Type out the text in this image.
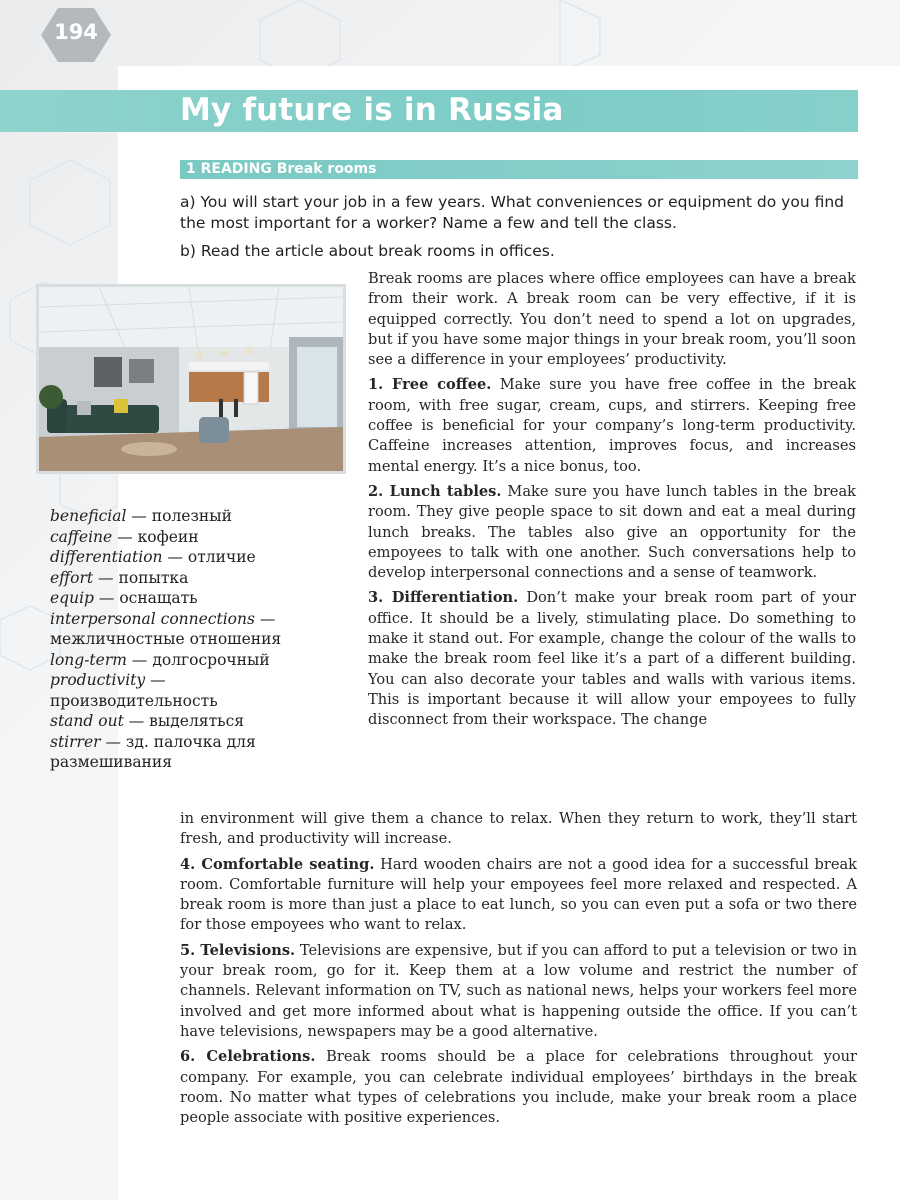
194
My future is in Russia
1 READING Break rooms
a) You will start your job in a few years. What conveniences or equipment do you find the most important for a worker? Name a few and tell the class.
b) Read the article about break rooms in offices.
beneficial — полезный
caffeine — кофеин
differentiation — отличие
effort — попытка
equip — оснащать
interpersonal connections —
межличностные отношения
long-term — долгосрочный
productivity —
производительность
stand out — выделяться
stirrer — зд. палочка для размешивания

Break rooms are places where office employees can have a break from their work. A break room can be very effective, if it is equipped correctly. You don’t need to spend a lot on upgrades, but if you have some major things in your break room, you’ll soon see a difference in your employees’ productivity.

1. Free coffee. Make sure you have free coffee in the break room, with free sugar, cream, cups, and stirrers. Keeping free coffee is beneficial for your company’s long-term productivity. Caffeine increases attention, improves focus, and increases mental energy. It’s a nice bonus, too.

2. Lunch tables. Make sure you have lunch tables in the break room. They give people space to sit down and eat a meal during lunch breaks. The tables also give an opportunity for the empoyees to talk with one another. Such conversations help to develop interpersonal connections and a sense of teamwork.

3. Differentiation. Don’t make your break room part of your office. It should be a lively, stimulating place. Do something to make it stand out. For example, change the colour of the walls to make the break room feel like it’s a part of a different building. You can also decorate your tables and walls with various items. This is important because it will allow your empoyees to fully disconnect from their workspace. The change

in environment will give them a chance to relax. When they return to work, they’ll start fresh, and productivity will increase.

4. Comfortable seating. Hard wooden chairs are not a good idea for a successful break room. Comfortable furniture will help your empoyees feel more relaxed and respected. A break room is more than just a place to eat lunch, so you can even put a sofa or two there for those empoyees who want to relax.

5. Televisions. Televisions are expensive, but if you can afford to put a television or two in your break room, go for it. Keep them at a low volume and restrict the number of channels. Relevant information on TV, such as national news, helps your workers feel more involved and get more informed about what is happening outside the office. If you can’t have televisions, newspapers may be a good alternative.

6. Celebrations. Break rooms should be a place for celebrations throughout your company. For example, you can celebrate individual employees’ birthdays in the break room. No matter what types of celebrations you include, make your break room a place people associate with positive experiences.
